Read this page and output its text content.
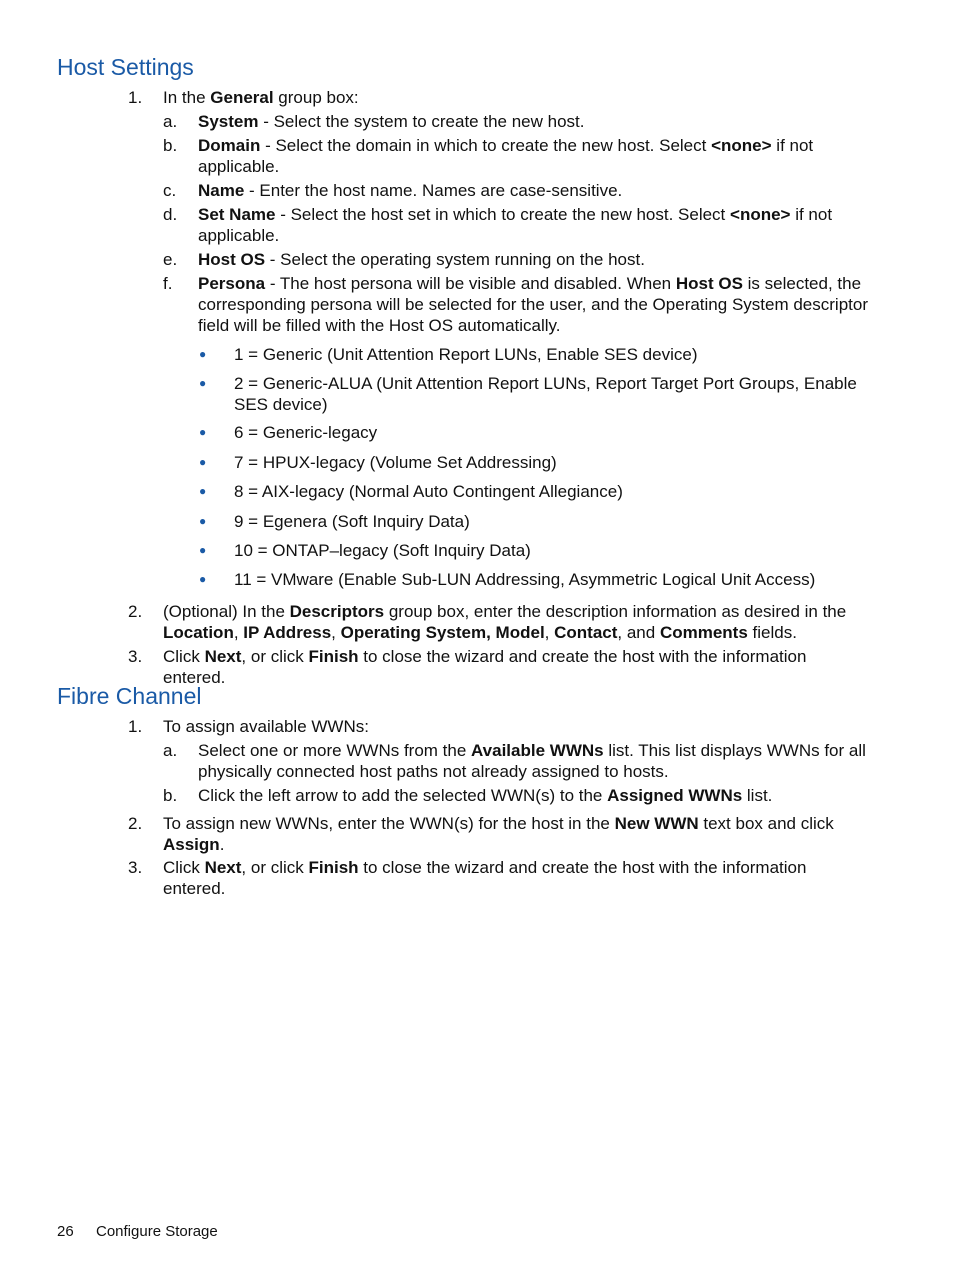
Host Settings
1. In the General group box:
a. System - Select the system to create the new host.
b. Domain - Select the domain in which to create the new host. Select <none> if not applicable.
c. Name - Enter the host name. Names are case-sensitive.
d. Set Name - Select the host set in which to create the new host. Select <none> if not applicable.
e. Host OS - Select the operating system running on the host.
f. Persona - The host persona will be visible and disabled. When Host OS is selected, the corresponding persona will be selected for the user, and the Operating System descriptor field will be filled with the Host OS automatically.
● 1 = Generic (Unit Attention Report LUNs, Enable SES device)
● 2 = Generic-ALUA (Unit Attention Report LUNs, Report Target Port Groups, Enable SES device)
● 6 = Generic-legacy
● 7 = HPUX-legacy (Volume Set Addressing)
● 8 = AIX-legacy (Normal Auto Contingent Allegiance)
● 9 = Egenera (Soft Inquiry Data)
● 10 = ONTAP–legacy (Soft Inquiry Data)
● 11 = VMware (Enable Sub-LUN Addressing, Asymmetric Logical Unit Access)
2. (Optional) In the Descriptors group box, enter the description information as desired in the Location, IP Address, Operating System, Model, Contact, and Comments fields.
3. Click Next, or click Finish to close the wizard and create the host with the information entered.
Fibre Channel
1. To assign available WWNs:
a. Select one or more WWNs from the Available WWNs list. This list displays WWNs for all physically connected host paths not already assigned to hosts.
b. Click the left arrow to add the selected WWN(s) to the Assigned WWNs list.
2. To assign new WWNs, enter the WWN(s) for the host in the New WWN text box and click Assign.
3. Click Next, or click Finish to close the wizard and create the host with the information entered.
26 Configure Storage
